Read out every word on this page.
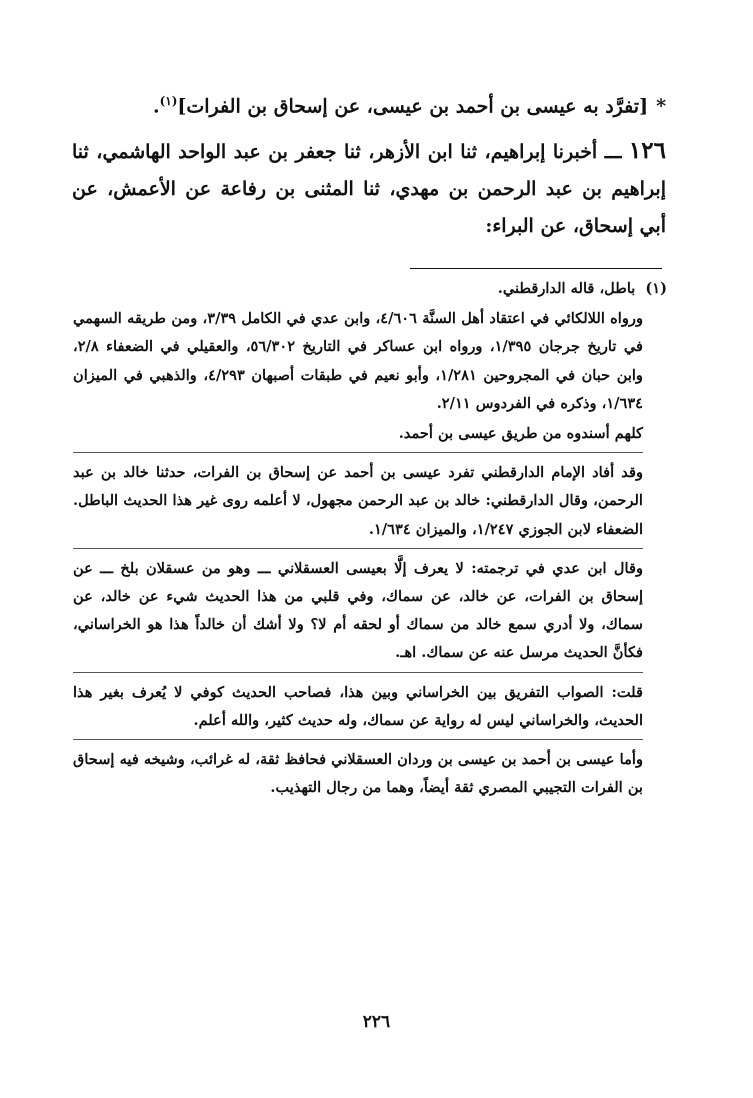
*[تفرَّد به عيسى بن أحمد بن عيسى، عن إسحاق بن الفرات]$^{(١)}$.
١٢٦ ـــ أخبرنا إبراهيم، ثنا ابن الأزهر، ثنا جعفر بن عبد الواحد الهاشمي، ثنا إبراهيم بن عبد الرحمن بن مهدي، ثنا المثنى بن رفاعة عن الأعمش، عن أبي إسحاق، عن البراء:

(١)باطل، قاله الدارقطني.

ورواه اللالكائي في اعتقاد أهل السنَّة ٤/٦٠٦، وابن عدي في الكامل ٣/٣٩، ومن طريقه السهمي في تاريخ جرجان ١/٣٩٥، ورواه ابن عساكر في التاريخ ٥٦/٣٠٢، والعقيلي في الضعفاء ٢/٨، وابن حبان في المجروحين ١/٢٨١، وأبو نعيم في طبقات أصبهان ٤/٢٩٣، والذهبي في الميزان ١/٦٣٤، وذكره في الفردوس ٢/١١.

كلهم أسندوه من طريق عيسى بن أحمد.

وقد أفاد الإمام الدارقطني تفرد عيسى بن أحمد عن إسحاق بن الفرات، حدثنا خالد بن عبد الرحمن، وقال الدارقطني: خالد بن عبد الرحمن مجهول، لا أعلمه روى غير هذا الحديث الباطل. الضعفاء لابن الجوزي ١/٢٤٧، والميزان ١/٦٣٤.

وقال ابن عدي في ترجمته: لا يعرف إلَّا بعيسى العسقلاني ـــ وهو من عسقلان بلخ ـــ عن إسحاق بن الفرات، عن خالد، عن سماك، وفي قلبي من هذا الحديث شيء عن خالد، عن سماك، ولا أدري سمع خالد من سماك أو لحقه أم لا؟ ولا أشك أن خالداً هذا هو الخراساني، فكأنَّ الحديث مرسل عنه عن سماك. اهـ.

قلت: الصواب التفريق بين الخراساني وبين هذا، فصاحب الحديث كوفي لا يُعرف بغير هذا الحديث، والخراساني ليس له رواية عن سماك، وله حديث كثير، والله أعلم.

وأما عيسى بن أحمد بن عيسى بن وردان العسقلاني فحافظ ثقة، له غرائب، وشيخه فيه إسحاق بن الفرات التجيبي المصري ثقة أيضاً، وهما من رجال التهذيب.

٢٢٦
